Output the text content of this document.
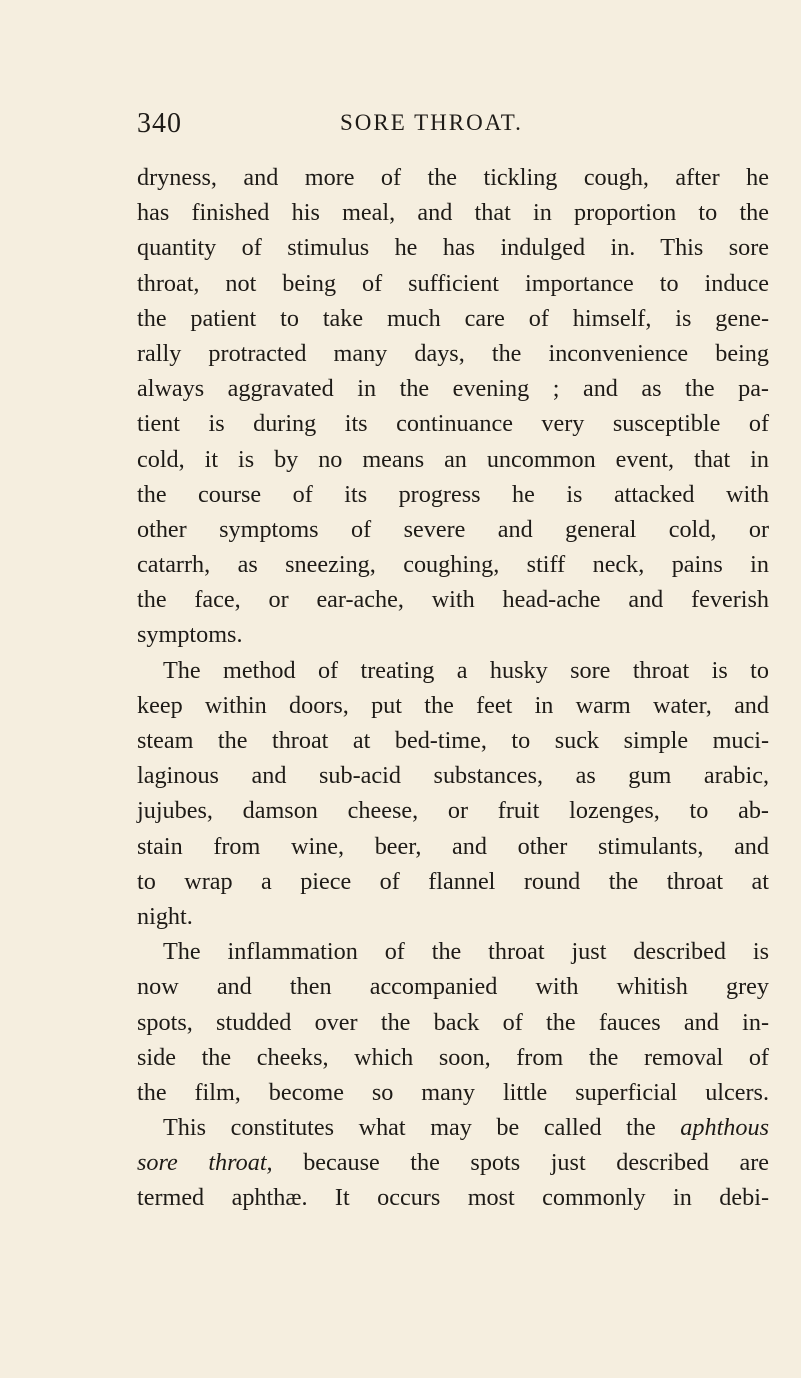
340	SORE THROAT.
dryness, and more of the tickling cough, after he
has finished his meal, and that in proportion to the
quantity of stimulus he has indulged in. This sore
throat, not being of sufficient importance to induce
the patient to take much care of himself, is gene-
rally protracted many days, the inconvenience being
always aggravated in the evening ; and as the pa-
tient is during its continuance very susceptible of
cold, it is by no means an uncommon event, that in
the course of its progress he is attacked with
other symptoms of severe and general cold, or
catarrh, as sneezing, coughing, stiff neck, pains in
the face, or ear-ache, with head-ache and feverish
symptoms.
The method of treating a husky sore throat is to
keep within doors, put the feet in warm water, and
steam the throat at bed-time, to suck simple muci-
laginous and sub-acid substances, as gum arabic,
jujubes, damson cheese, or fruit lozenges, to ab-
stain from wine, beer, and other stimulants, and
to wrap a piece of flannel round the throat at
night.
The inflammation of the throat just described is
now and then accompanied with whitish grey
spots, studded over the back of the fauces and in-
side the cheeks, which soon, from the removal of
the film, become so many little superficial ulcers.
This constitutes what may be called the aphthous
sore throat, because the spots just described are
termed aphthæ. It occurs most commonly in debi-
